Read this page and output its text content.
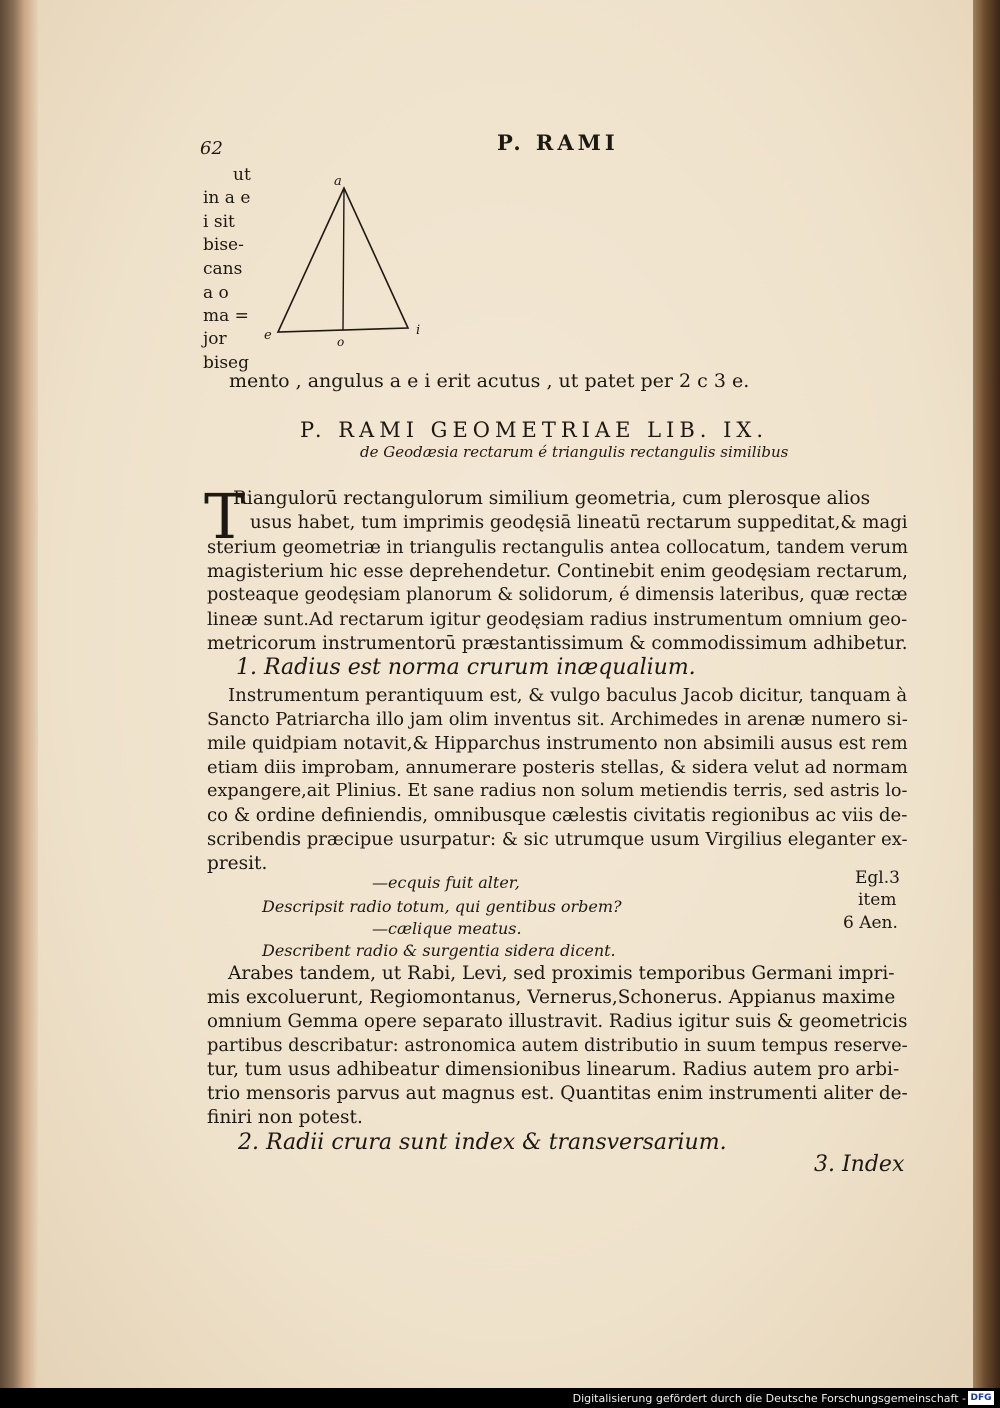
62	P. RAMI
ut
in a e
i sit
bise-
cans
a o
ma =
jor
biseg
a
e	i
o
mento , angulus a e i erit acutus , ut patet per 2 c 3 e.
P. RAMI GEOMETRIAE LIB. IX.
de Geodæsia rectarum é triangulis rectangulis similibus
T
Riangulorū rectangulorum similium geometria, cum plerosque alios
usus habet, tum imprimis geodęsiā lineatū rectarum suppeditat,& magi
sterium geometriæ in triangulis rectangulis antea collocatum, tandem verum
magisterium hic esse deprehendetur. Continebit enim geodęsiam rectarum,
posteaque geodęsiam planorum & solidorum, é dimensis lateribus, quæ rectæ
lineæ sunt.Ad rectarum igitur geodęsiam radius instrumentum omnium geo-
metricorum instrumentorū præstantissimum & commodissimum adhibetur.
1. Radius est norma crurum inæqualium.
Instrumentum perantiquum est, & vulgo baculus Jacob dicitur, tanquam à
Sancto Patriarcha illo jam olim inventus sit. Archimedes in arenæ numero si-
mile quidpiam notavit,& Hipparchus instrumento non absimili ausus est rem
etiam diis improbam, annumerare posteris stellas, & sidera velut ad normam
expangere,ait Plinius. Et sane radius non solum metiendis terris, sed astris lo-
co & ordine definiendis, omnibusque cælestis civitatis regionibus ac viis de-
scribendis præcipue usurpatur: & sic utrumque usum Virgilius eleganter ex-
presit.
—ecquis fuit alter,
Descripsit radio totum, qui gentibus orbem?
—cælique meatus.
Describent radio & surgentia sidera dicent.
Egl.3
item
6 Aen.
Arabes tandem, ut Rabi, Levi, sed proximis temporibus Germani impri-
mis excoluerunt, Regiomontanus, Vernerus,Schonerus. Appianus maxime
omnium Gemma opere separato illustravit. Radius igitur suis & geometricis
partibus describatur: astronomica autem distributio in suum tempus reserve-
tur, tum usus adhibeatur dimensionibus linearum. Radius autem pro arbi-
trio mensoris parvus aut magnus est. Quantitas enim instrumenti aliter de-
finiri non potest.
2. Radii crura sunt index & transversarium.
3. Index
Digitalisierung gefördert durch die Deutsche Forschungsgemeinschaft - DFG
